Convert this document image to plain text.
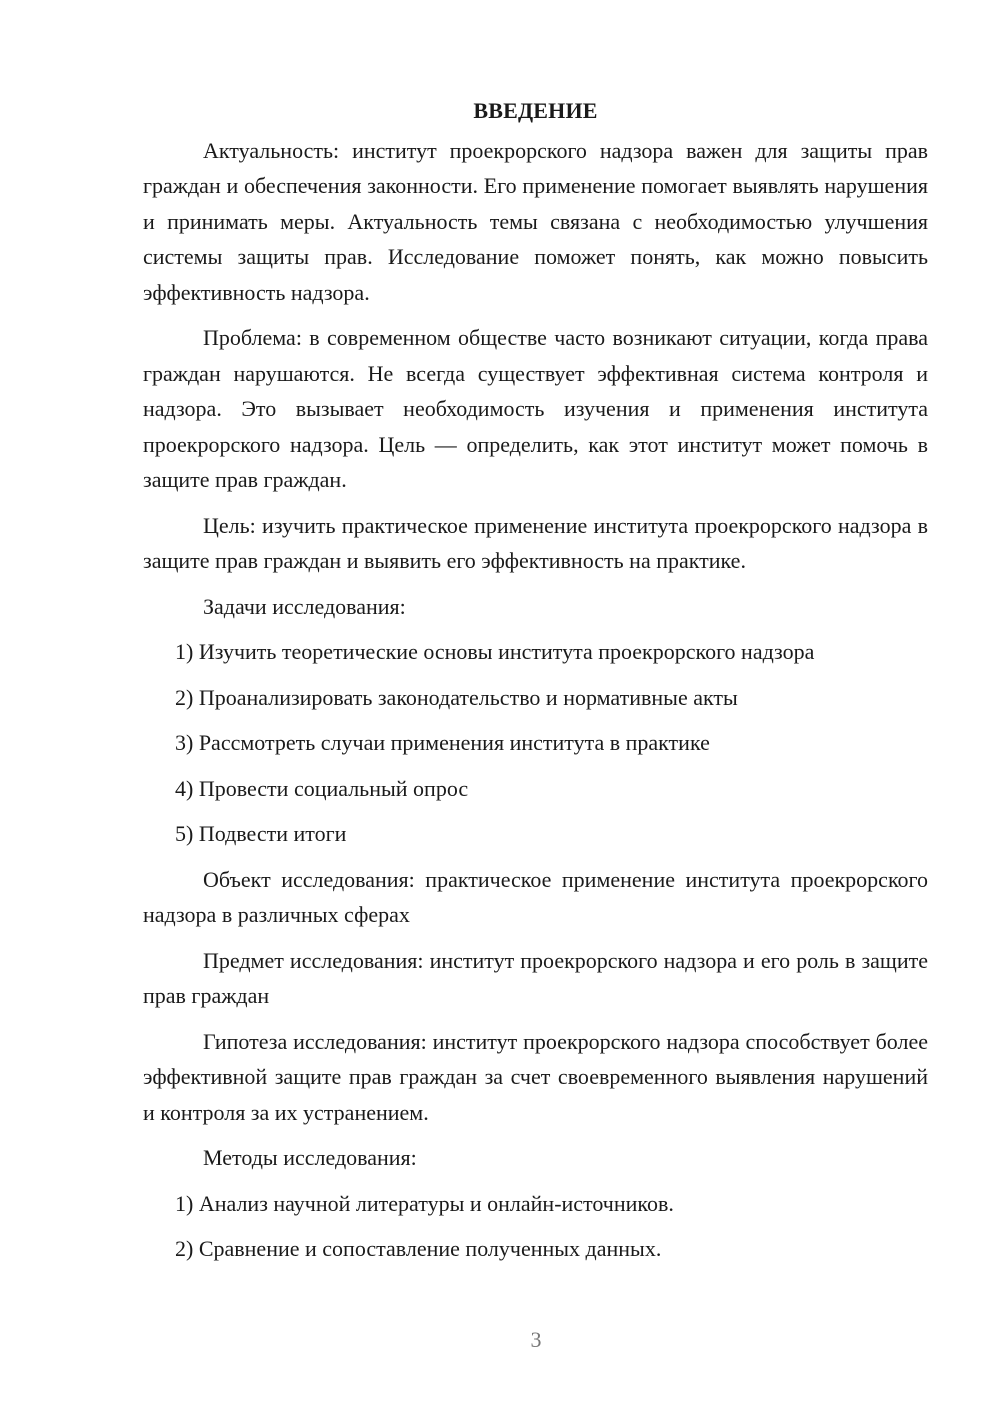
ВВЕДЕНИЕ

Актуальность: институт проекрорского надзора важен для защиты прав граждан и обеспечения законности. Его применение помогает выявлять нарушения и принимать меры. Актуальность темы связана с необходимостью улучшения системы защиты прав. Исследование поможет понять, как можно повысить эффективность надзора.

Проблема: в современном обществе часто возникают ситуации, когда права граждан нарушаются. Не всегда существует эффективная система контроля и надзора. Это вызывает необходимость изучения и применения института проекрорского надзора. Цель — определить, как этот институт может помочь в защите прав граждан.

Цель: изучить практическое применение института проекрорского надзора в защите прав граждан и выявить его эффективность на практике.

Задачи исследования:

1) Изучить теоретические основы института проекрорского надзора

2) Проанализировать законодательство и нормативные акты

3) Рассмотреть случаи применения института в практике

4) Провести социальный опрос

5) Подвести итоги

Объект исследования: практическое применение института проекрорского надзора в различных сферах

Предмет исследования: институт проекрорского надзора и его роль в защите прав граждан

Гипотеза исследования: институт проекрорского надзора способствует более эффективной защите прав граждан за счет своевременного выявления нарушений и контроля за их устранением.

Методы исследования:

1) Анализ научной литературы и онлайн-источников.

2) Сравнение и сопоставление полученных данных.

3
